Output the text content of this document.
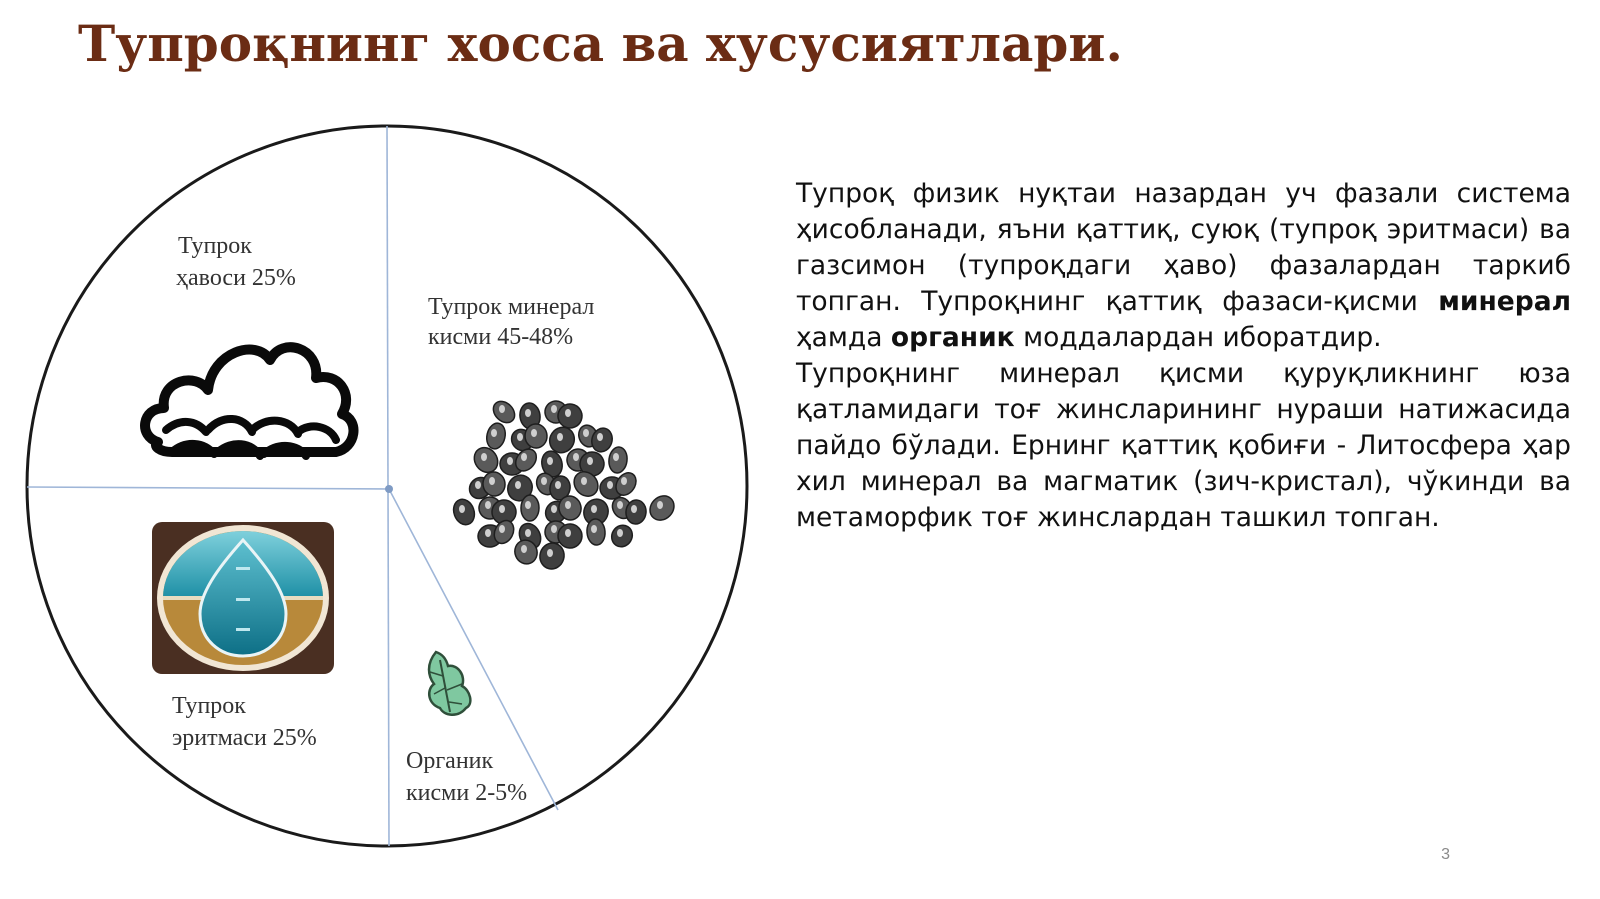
Тупроқнинг хосса ва хусусиятлари.
Тупрок
ҳавоси 25%
Тупрок минерал
кисми 45-48%
Тупрок
эритмаси 25%
Органик
кисми 2-5%

Тупроқ физик нуқтаи назардан уч фазали система ҳисобланади, яъни қаттиқ, суюқ (тупроқ эритмаси) ва газсимон (тупроқдаги ҳаво) фазалардан таркиб топган. Тупроқнинг қаттиқ фазаси-қисми минерал ҳамда органик моддалардан иборатдир.

Тупроқнинг минерал қисми қуруқликнинг юза қатламидаги тоғ жинсларининг нураши натижасида пайдо бўлади. Ернинг қаттиқ қобиғи - Литосфера ҳар хил минерал ва магматик (зич-кристал), чўкинди ва метаморфик тоғ жинслардан ташкил топган.

3
